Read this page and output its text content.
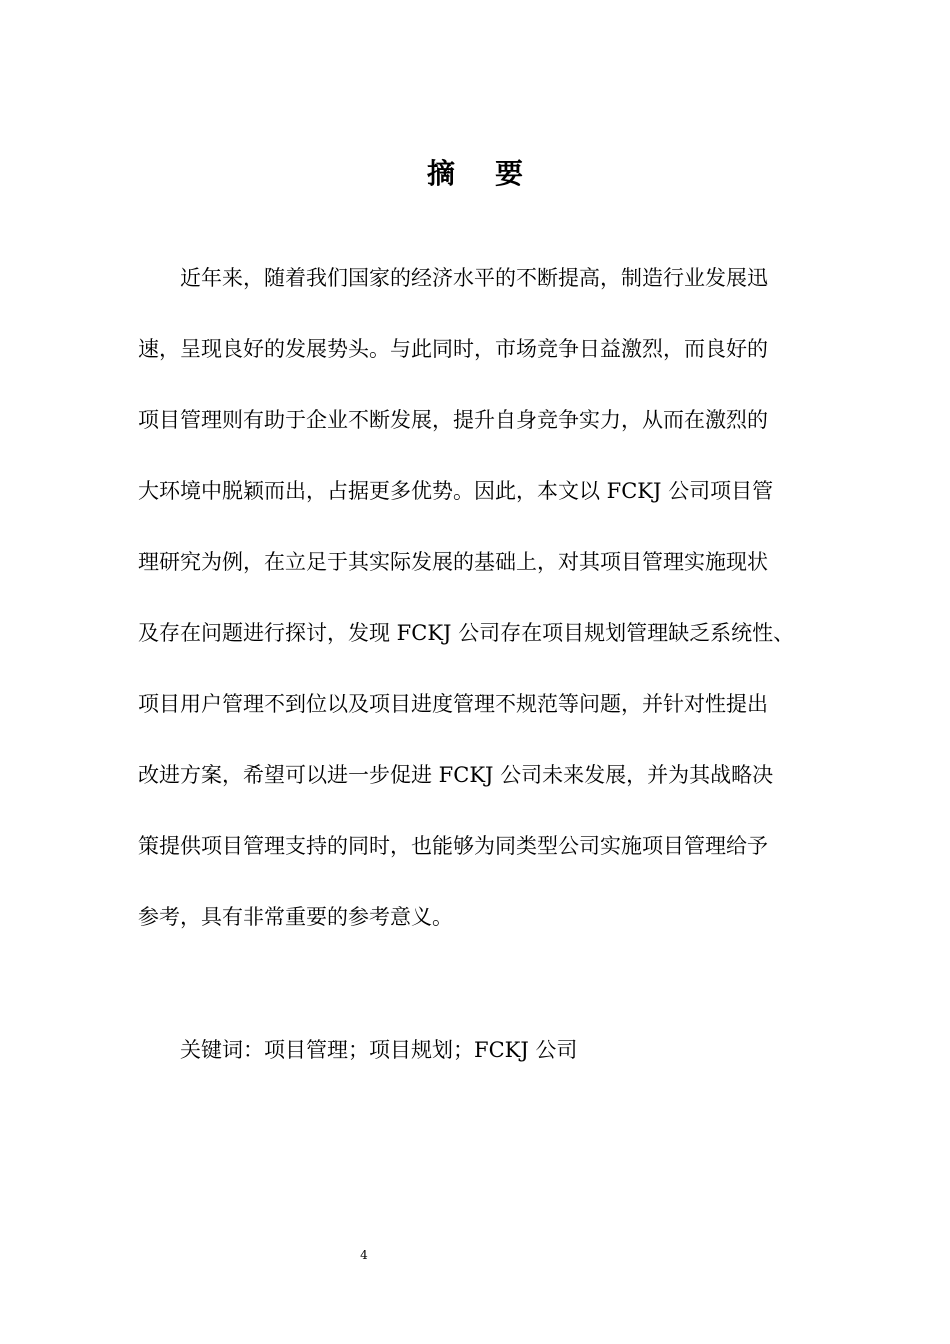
摘 要
近年来，随着我们国家的经济水平的不断提高，制造行业发展迅
速，呈现良好的发展势头。与此同时，市场竞争日益激烈，而良好的
项目管理则有助于企业不断发展，提升自身竞争实力，从而在激烈的
大环境中脱颖而出，占据更多优势。因此，本文以 FCKJ 公司项目管
理研究为例，在立足于其实际发展的基础上，对其项目管理实施现状
及存在问题进行探讨，发现 FCKJ 公司存在项目规划管理缺乏系统性、
项目用户管理不到位以及项目进度管理不规范等问题，并针对性提出
改进方案，希望可以进一步促进 FCKJ 公司未来发展，并为其战略决
策提供项目管理支持的同时，也能够为同类型公司实施项目管理给予
参考，具有非常重要的参考意义。
关键词：项目管理；项目规划；FCKJ 公司
4
